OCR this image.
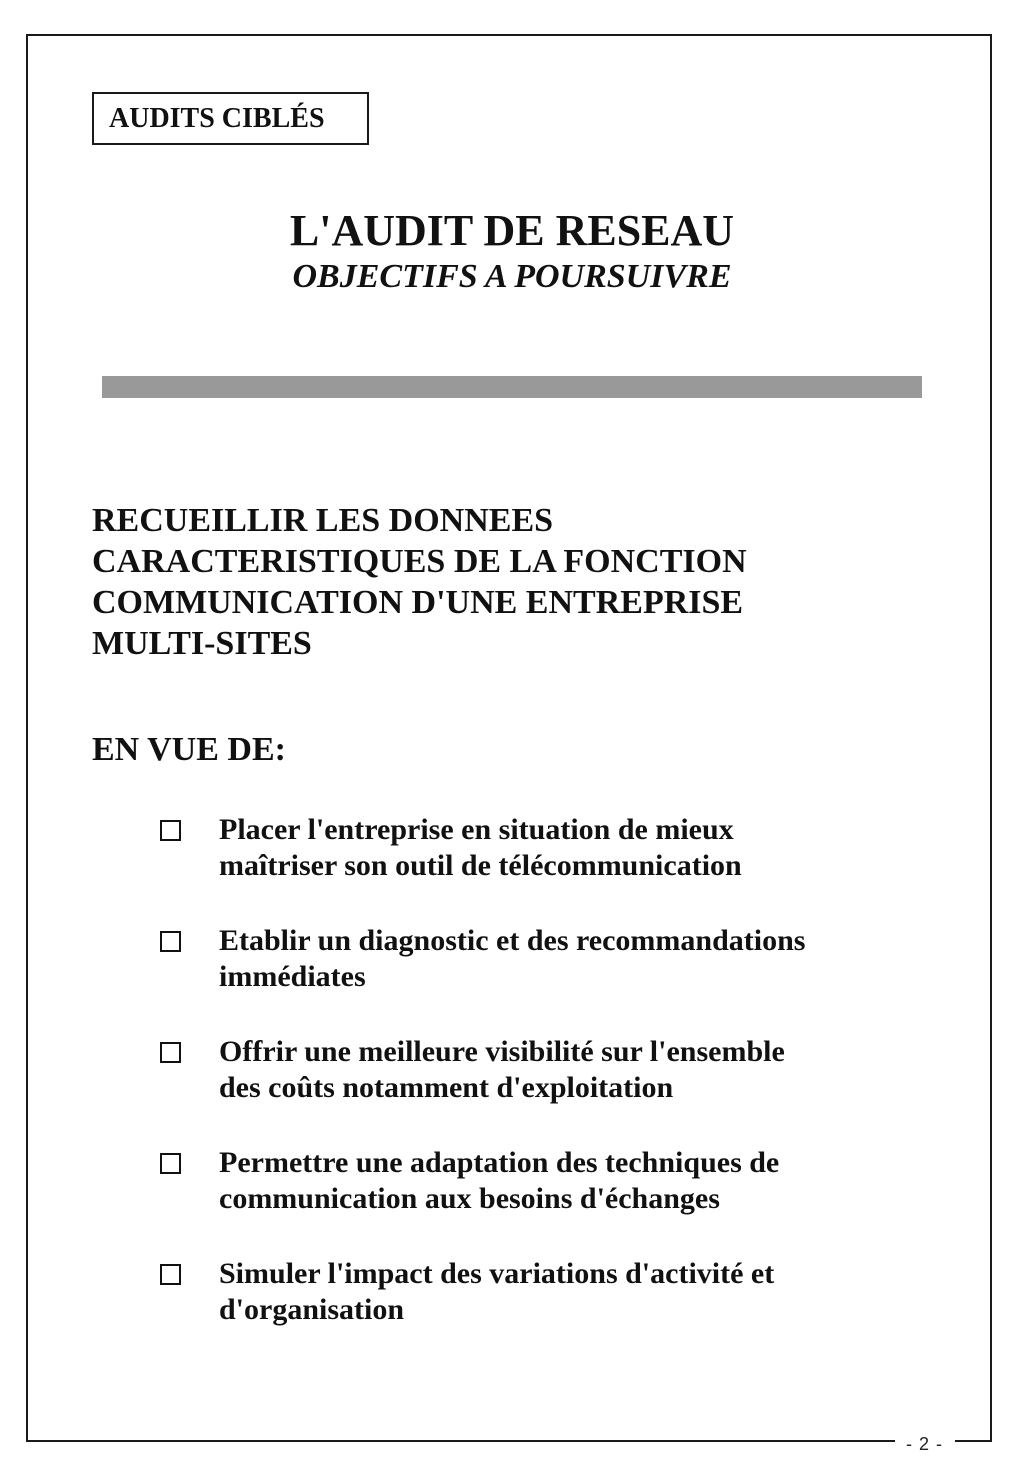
AUDITS CIBLÉS
L'AUDIT DE RESEAU
OBJECTIFS A POURSUIVRE

RECUEILLIR LES DONNEES
CARACTERISTIQUES DE LA FONCTION
COMMUNICATION D'UNE ENTREPRISE
MULTI-SITES

EN VUE DE:
Placer l'entreprise en situation de mieux
maîtriser son outil de télécommunication
Etablir un diagnostic et des recommandations
immédiates
Offrir une meilleure visibilité sur l'ensemble
des coûts notamment d'exploitation
Permettre une adaptation des techniques de
communication aux besoins d'échanges
Simuler l'impact des variations d'activité et
d'organisation
- 2 -
